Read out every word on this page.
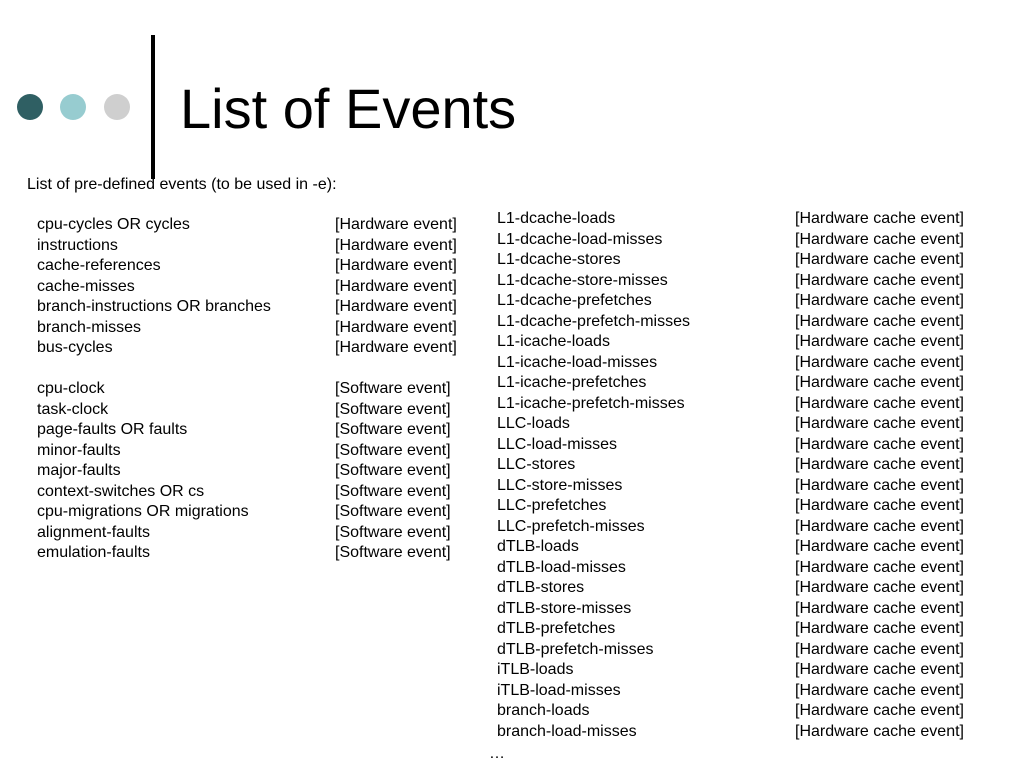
List of Events
List of pre-defined events (to be used in -e):
cpu-cycles OR cycles	[Hardware event]
instructions	[Hardware event]
cache-references	[Hardware event]
cache-misses	[Hardware event]
branch-instructions OR branches	[Hardware event]
branch-misses	[Hardware event]
bus-cycles	[Hardware event]
cpu-clock	[Software event]
task-clock	[Software event]
page-faults OR faults	[Software event]
minor-faults	[Software event]
major-faults	[Software event]
context-switches OR cs	[Software event]
cpu-migrations OR migrations	[Software event]
alignment-faults	[Software event]
emulation-faults	[Software event]
L1-dcache-loads	[Hardware cache event]
L1-dcache-load-misses	[Hardware cache event]
L1-dcache-stores	[Hardware cache event]
L1-dcache-store-misses	[Hardware cache event]
L1-dcache-prefetches	[Hardware cache event]
L1-dcache-prefetch-misses	[Hardware cache event]
L1-icache-loads	[Hardware cache event]
L1-icache-load-misses	[Hardware cache event]
L1-icache-prefetches	[Hardware cache event]
L1-icache-prefetch-misses	[Hardware cache event]
LLC-loads	[Hardware cache event]
LLC-load-misses	[Hardware cache event]
LLC-stores	[Hardware cache event]
LLC-store-misses	[Hardware cache event]
LLC-prefetches	[Hardware cache event]
LLC-prefetch-misses	[Hardware cache event]
dTLB-loads	[Hardware cache event]
dTLB-load-misses	[Hardware cache event]
dTLB-stores	[Hardware cache event]
dTLB-store-misses	[Hardware cache event]
dTLB-prefetches	[Hardware cache event]
dTLB-prefetch-misses	[Hardware cache event]
iTLB-loads	[Hardware cache event]
iTLB-load-misses	[Hardware cache event]
branch-loads	[Hardware cache event]
branch-load-misses	[Hardware cache event]
…
